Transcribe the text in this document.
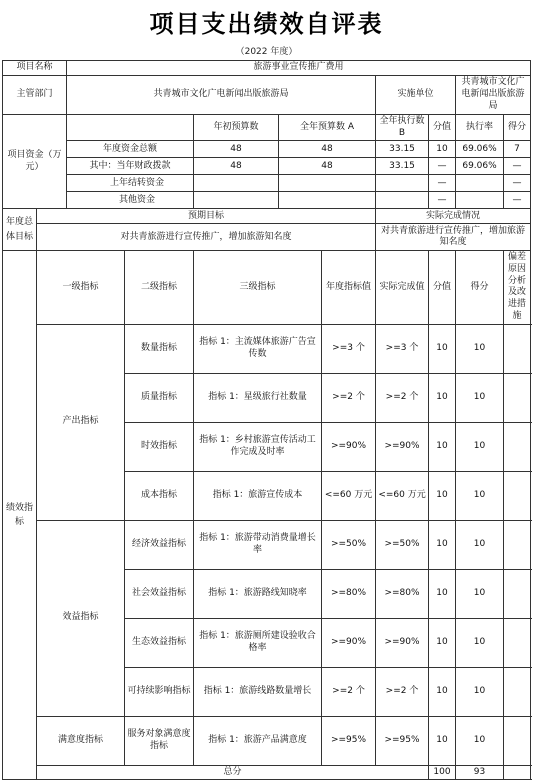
项目支出绩效自评表
（2022 年度）
项目名称		旅游事业宣传推广费用								
主管部门		共青城市文化广电新闻出版旅游局					实施单位		共青城市文化广电新闻出版旅游局	
项目资金（万元）				年初预算数	全年预算数 A		全年执行数 B	分值	执行率	得分
		年度资金总额		48	48		33.15	10	69.06%	7
		其中：当年财政拨款		48	48		33.15	—	69.06%	—
		上年结转资金						—		—
		其他资金						—		—
年度总体目标	预期目标						实际完成情况			
	对共青旅游进行宣传推广，增加旅游知名度						对共青旅游进行宣传推广，增加旅游知名度			
绩效指标	一级指标		二级指标	三级指标		年度指标值	实际完成值	分值	得分	偏差原因分析及改进措施
	产出指标		数量指标	指标 1：主流媒体旅游广告宣传数		>=3 个	>=3 个	10	10	
			质量指标	指标 1：星级旅行社数量		>=2 个	>=2 个	10	10	
			时效指标	指标 1：乡村旅游宣传活动工作完成及时率		>=90%	>=90%	10	10	
			成本指标	指标 1：旅游宣传成本		<=60 万元	<=60 万元	10	10	
	效益指标		经济效益指标	指标 1：旅游带动消费量增长率		>=50%	>=50%	10	10	
			社会效益指标	指标 1：旅游路线知晓率		>=80%	>=80%	10	10	
			生态效益指标	指标 1：旅游厕所建设验收合格率		>=90%	>=90%	10	10	
			可持续影响指标	指标 1：旅游线路数量增长		>=2 个	>=2 个	10	10	
	满意度指标		服务对象满意度指标	指标 1：旅游产品满意度		>=95%	>=95%	10	10	
	总分							100	93	
